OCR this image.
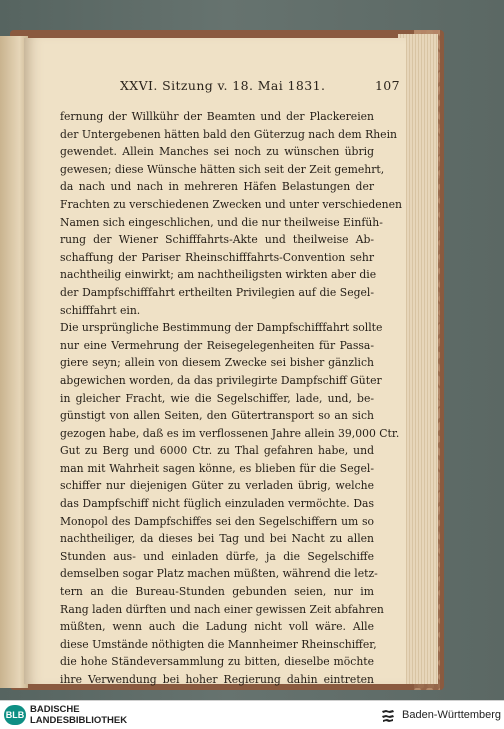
XXVI. Sitzung v. 18. Mai 1831.	107
fernung der Willkühr der Beamten und der Plackereien
der Untergebenen hätten bald den Güterzug nach dem Rhein
gewendet. Allein Manches sei noch zu wünschen übrig
gewesen; diese Wünsche hätten sich seit der Zeit gemehrt,
da nach und nach in mehreren Häfen Belastungen der
Frachten zu verschiedenen Zwecken und unter verschiedenen
Namen sich eingeschlichen, und die nur theilweise Einfüh-
rung der Wiener Schifffahrts-Akte und theilweise Ab-
schaffung der Pariser Rheinschifffahrts-Convention sehr
nachtheilig einwirkt; am nachtheiligsten wirkten aber die
der Dampfschifffahrt ertheilten Privilegien auf die Segel-
schifffahrt ein.
Die ursprüngliche Bestimmung der Dampfschifffahrt sollte
nur eine Vermehrung der Reisegelegenheiten für Passa-
giere seyn; allein von diesem Zwecke sei bisher gänzlich
abgewichen worden, da das privilegirte Dampfschiff Güter
in gleicher Fracht, wie die Segelschiffer, lade, und, be-
günstigt von allen Seiten, den Gütertransport so an sich
gezogen habe, daß es im verflossenen Jahre allein 39,000 Ctr.
Gut zu Berg und 6000 Ctr. zu Thal gefahren habe, und
man mit Wahrheit sagen könne, es blieben für die Segel-
schiffer nur diejenigen Güter zu verladen übrig, welche
das Dampfschiff nicht füglich einzuladen vermöchte. Das
Monopol des Dampfschiffes sei den Segelschiffern um so
nachtheiliger, da dieses bei Tag und bei Nacht zu allen
Stunden aus- und einladen dürfe, ja die Segelschiffe
demselben sogar Platz machen müßten, während die letz-
tern an die Bureau-Stunden gebunden seien, nur im
Rang laden dürften und nach einer gewissen Zeit abfahren
müßten, wenn auch die Ladung nicht voll wäre. Alle
diese Umstände nöthigten die Mannheimer Rheinschiffer,
die hohe Ständeversammlung zu bitten, dieselbe möchte
ihre Verwendung bei hoher Regierung dahin eintreten
BLB BADISCHE
LANDESBIBLIOTHEK	Baden-Württemberg
